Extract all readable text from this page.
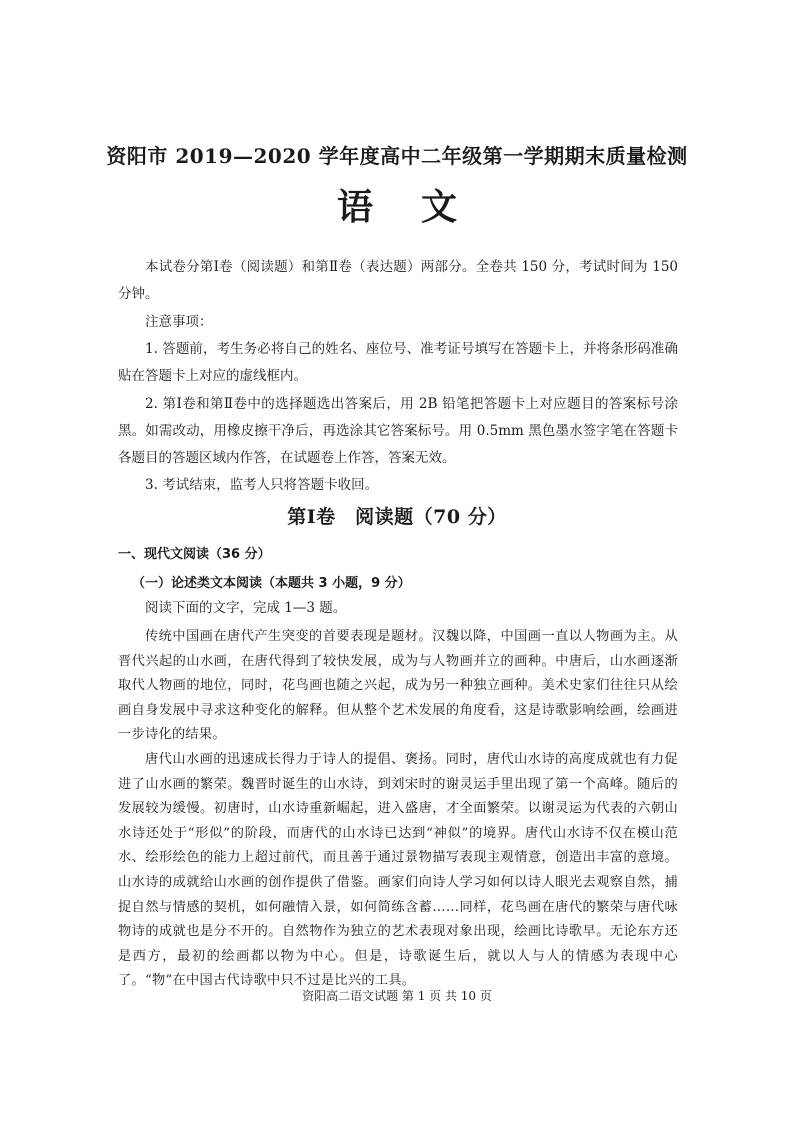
资阳市 2019—2020 学年度高中二年级第一学期期末质量检测
语文

本试卷分第Ⅰ卷（阅读题）和第Ⅱ卷（表达题）两部分。全卷共 150 分，考试时间为 150 分钟。

注意事项：

1. 答题前，考生务必将自己的姓名、座位号、准考证号填写在答题卡上，并将条形码准确贴在答题卡上对应的虚线框内。

2. 第Ⅰ卷和第Ⅱ卷中的选择题选出答案后，用 2B 铅笔把答题卡上对应题目的答案标号涂黑。如需改动，用橡皮擦干净后，再选涂其它答案标号。用 0.5mm 黑色墨水签字笔在答题卡各题目的答题区域内作答，在试题卷上作答，答案无效。

3. 考试结束，监考人只将答题卡收回。

第Ⅰ卷　阅读题（70 分）

一、现代文阅读（36 分）

（一）论述类文本阅读（本题共 3 小题，9 分）

阅读下面的文字，完成 1—3 题。

传统中国画在唐代产生突变的首要表现是题材。汉魏以降，中国画一直以人物画为主。从晋代兴起的山水画，在唐代得到了较快发展，成为与人物画并立的画种。中唐后，山水画逐渐取代人物画的地位，同时，花鸟画也随之兴起，成为另一种独立画种。美术史家们往往只从绘画自身发展中寻求这种变化的解释。但从整个艺术发展的角度看，这是诗歌影响绘画，绘画进一步诗化的结果。

唐代山水画的迅速成长得力于诗人的提倡、褒扬。同时，唐代山水诗的高度成就也有力促进了山水画的繁荣。魏晋时诞生的山水诗，到刘宋时的谢灵运手里出现了第一个高峰。随后的发展较为缓慢。初唐时，山水诗重新崛起，进入盛唐，才全面繁荣。以谢灵运为代表的六朝山水诗还处于“形似”的阶段，而唐代的山水诗已达到“神似”的境界。唐代山水诗不仅在模山范水、绘形绘色的能力上超过前代，而且善于通过景物描写表现主观情意，创造出丰富的意境。山水诗的成就给山水画的创作提供了借鉴。画家们向诗人学习如何以诗人眼光去观察自然，捕捉自然与情感的契机，如何融情入景，如何简练含蓄……同样，花鸟画在唐代的繁荣与唐代咏物诗的成就也是分不开的。自然物作为独立的艺术表现对象出现，绘画比诗歌早。无论东方还是西方，最初的绘画都以物为中心。但是，诗歌诞生后，就以人与人的情感为表现中心了。“物”在中国古代诗歌中只不过是比兴的工具。

资阳高二语文试题 第 1 页 共 10 页
